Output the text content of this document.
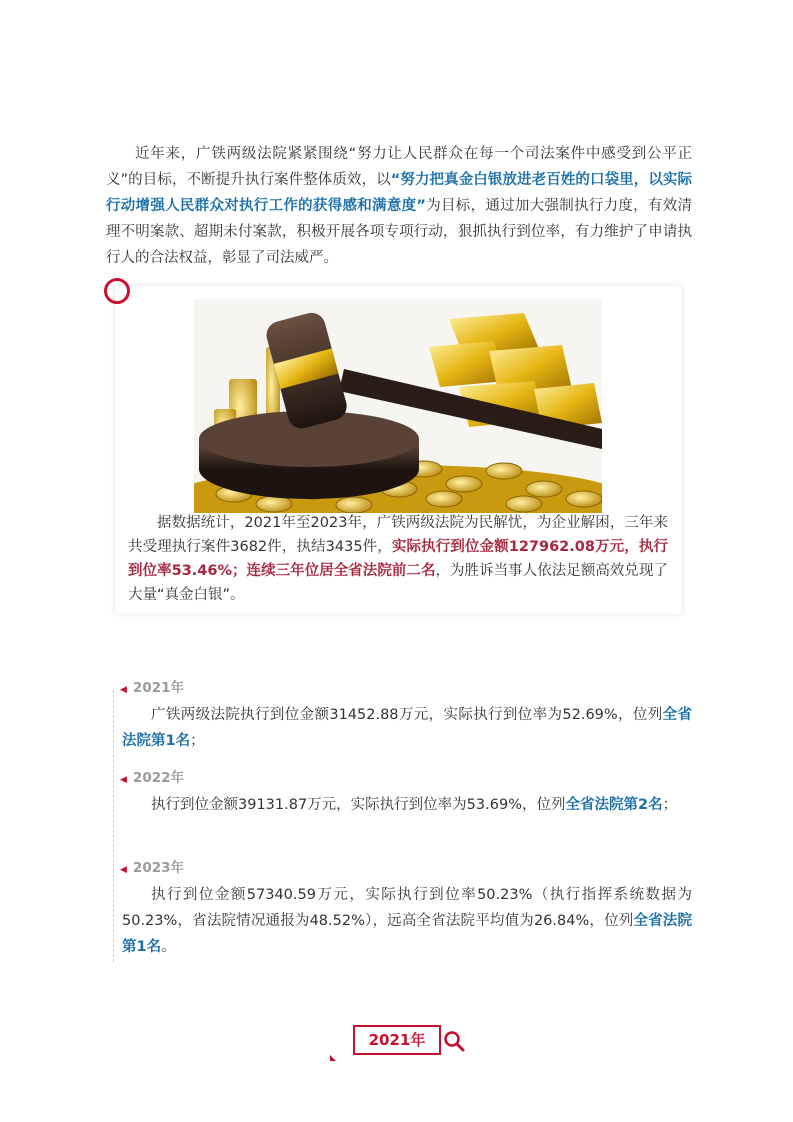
近年来，广铁两级法院紧紧围绕“努力让人民群众在每一个司法案件中感受到公平正义”的目标，不断提升执行案件整体质效，以“努力把真金白银放进老百姓的口袋里，以实际行动增强人民群众对执行工作的获得感和满意度”为目标，通过加大强制执行力度，有效清理不明案款、超期未付案款，积极开展各项专项行动，狠抓执行到位率，有力维护了申请执行人的合法权益，彰显了司法威严。

据数据统计，2021年至2023年，广铁两级法院为民解忧，为企业解困，三年来共受理执行案件3682件，执结3435件，实际执行到位金额127962.08万元，执行到位率53.46%；连续三年位居全省法院前二名，为胜诉当事人依法足额高效兑现了大量“真金白银”。

◀ 2021年

广铁两级法院执行到位金额31452.88万元，实际执行到位率为52.69%，位列全省法院第1名；

◀ 2022年

执行到位金额39131.87万元，实际执行到位率为53.69%，位列全省法院第2名；

◀ 2023年

执行到位金额57340.59万元，实际执行到位率50.23%（执行指挥系统数据为50.23%，省法院情况通报为48.52%），远高全省法院平均值为26.84%，位列全省法院第1名。

2021年
